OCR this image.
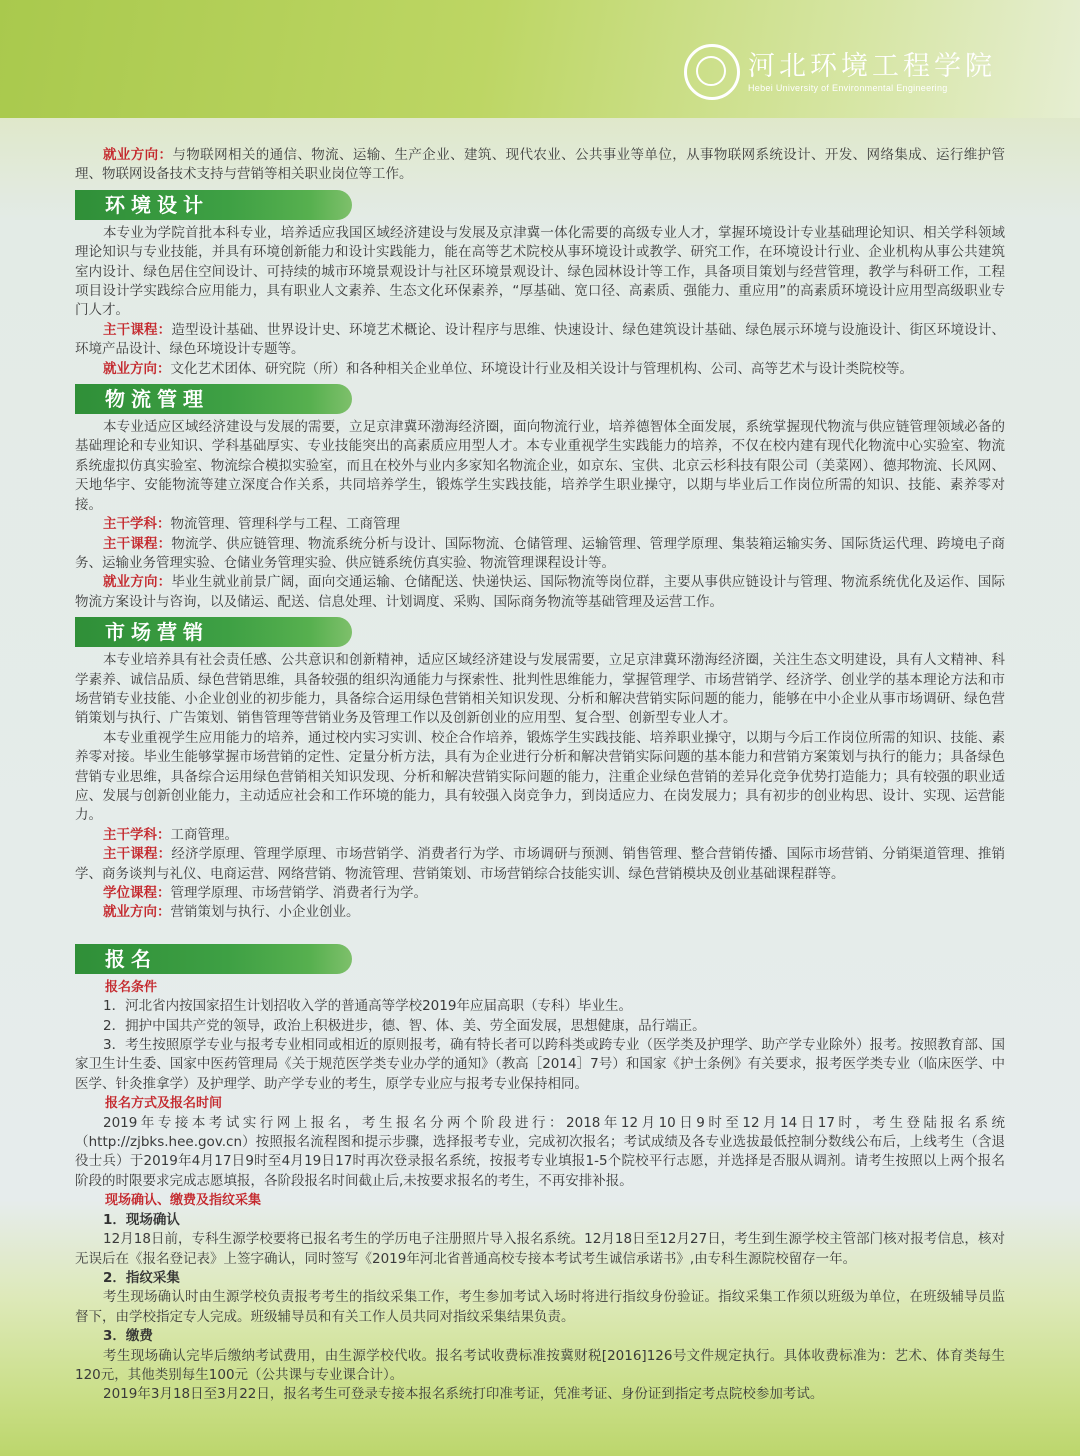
河北环境工程学院
Hebei University of Environmental Engineering

就业方向：与物联网相关的通信、物流、运输、生产企业、建筑、现代农业、公共事业等单位，从事物联网系统设计、开发、网络集成、运行维护管理、物联网设备技术支持与营销等相关职业岗位等工作。

环境设计

本专业为学院首批本科专业，培养适应我国区域经济建设与发展及京津冀一体化需要的高级专业人才，掌握环境设计专业基础理论知识、相关学科领域理论知识与专业技能，并具有环境创新能力和设计实践能力，能在高等艺术院校从事环境设计或教学、研究工作，在环境设计行业、企业机构从事公共建筑室内设计、绿色居住空间设计、可持续的城市环境景观设计与社区环境景观设计、绿色园林设计等工作，具备项目策划与经营管理，教学与科研工作，工程项目设计学实践综合应用能力，具有职业人文素养、生态文化环保素养，“厚基础、宽口径、高素质、强能力、重应用”的高素质环境设计应用型高级职业专门人才。

主干课程：造型设计基础、世界设计史、环境艺术概论、设计程序与思维、快速设计、绿色建筑设计基础、绿色展示环境与设施设计、街区环境设计、环境产品设计、绿色环境设计专题等。

就业方向：文化艺术团体、研究院（所）和各种相关企业单位、环境设计行业及相关设计与管理机构、公司、高等艺术与设计类院校等。

物流管理

本专业适应区域经济建设与发展的需要，立足京津冀环渤海经济圈，面向物流行业，培养德智体全面发展，系统掌握现代物流与供应链管理领域必备的基础理论和专业知识、学科基础厚实、专业技能突出的高素质应用型人才。本专业重视学生实践能力的培养，不仅在校内建有现代化物流中心实验室、物流系统虚拟仿真实验室、物流综合模拟实验室，而且在校外与业内多家知名物流企业，如京东、宝供、北京云杉科技有限公司（美菜网）、德邦物流、长风网、天地华宇、安能物流等建立深度合作关系，共同培养学生，锻炼学生实践技能，培养学生职业操守，以期与毕业后工作岗位所需的知识、技能、素养零对接。

主干学科：物流管理、管理科学与工程、工商管理

主干课程：物流学、供应链管理、物流系统分析与设计、国际物流、仓储管理、运输管理、管理学原理、集装箱运输实务、国际货运代理、跨境电子商务、运输业务管理实验、仓储业务管理实验、供应链系统仿真实验、物流管理课程设计等。

就业方向：毕业生就业前景广阔，面向交通运输、仓储配送、快递快运、国际物流等岗位群，主要从事供应链设计与管理、物流系统优化及运作、国际物流方案设计与咨询，以及储运、配送、信息处理、计划调度、采购、国际商务物流等基础管理及运营工作。

市场营销

本专业培养具有社会责任感、公共意识和创新精神，适应区域经济建设与发展需要，立足京津冀环渤海经济圈，关注生态文明建设，具有人文精神、科学素养、诚信品质、绿色营销思维，具备较强的组织沟通能力与探索性、批判性思维能力，掌握管理学、市场营销学、经济学、创业学的基本理论方法和市场营销专业技能、小企业创业的初步能力，具备综合运用绿色营销相关知识发现、分析和解决营销实际问题的能力，能够在中小企业从事市场调研、绿色营销策划与执行、广告策划、销售管理等营销业务及管理工作以及创新创业的应用型、复合型、创新型专业人才。

本专业重视学生应用能力的培养，通过校内实习实训、校企合作培养，锻炼学生实践技能、培养职业操守，以期与今后工作岗位所需的知识、技能、素养零对接。毕业生能够掌握市场营销的定性、定量分析方法，具有为企业进行分析和解决营销实际问题的基本能力和营销方案策划与执行的能力；具备绿色营销专业思维，具备综合运用绿色营销相关知识发现、分析和解决营销实际问题的能力，注重企业绿色营销的差异化竞争优势打造能力；具有较强的职业适应、发展与创新创业能力，主动适应社会和工作环境的能力，具有较强入岗竞争力，到岗适应力、在岗发展力；具有初步的创业构思、设计、实现、运营能力。

主干学科：工商管理。

主干课程：经济学原理、管理学原理、市场营销学、消费者行为学、市场调研与预测、销售管理、整合营销传播、国际市场营销、分销渠道管理、推销学、商务谈判与礼仪、电商运营、网络营销、物流管理、营销策划、市场营销综合技能实训、绿色营销模块及创业基础课程群等。

学位课程：管理学原理、市场营销学、消费者行为学。

就业方向：营销策划与执行、小企业创业。

报名
报名条件

1．河北省内按国家招生计划招收入学的普通高等学校2019年应届高职（专科）毕业生。

2．拥护中国共产党的领导，政治上积极进步，德、智、体、美、劳全面发展，思想健康，品行端正。

3．考生按照原学专业与报考专业相同或相近的原则报考，确有特长者可以跨科类或跨专业（医学类及护理学、助产学专业除外）报考。按照教育部、国家卫生计生委、国家中医药管理局《关于规范医学类专业办学的通知》（教高［2014］7号）和国家《护士条例》有关要求，报考医学类专业（临床医学、中医学、针灸推拿学）及护理学、助产学专业的考生，原学专业应与报考专业保持相同。

报名方式及报名时间

2019年专接本考试实行网上报名，考生报名分两个阶段进行：2018年12月10日9时至12月14日17时，考生登陆报名系统（http://zjbks.hee.gov.cn）按照报名流程图和提示步骤，选择报考专业，完成初次报名；考试成绩及各专业选拔最低控制分数线公布后，上线考生（含退役士兵）于2019年4月17日9时至4月19日17时再次登录报名系统，按报考专业填报1-5个院校平行志愿，并选择是否服从调剂。请考生按照以上两个报名阶段的时限要求完成志愿填报，各阶段报名时间截止后,未按要求报名的考生，不再安排补报。

现场确认、缴费及指纹采集
1．现场确认

12月18日前，专科生源学校要将已报名考生的学历电子注册照片导入报名系统。12月18日至12月27日，考生到生源学校主管部门核对报考信息，核对无误后在《报名登记表》上签字确认，同时签写《2019年河北省普通高校专接本考试考生诚信承诺书》,由专科生源院校留存一年。

2．指纹采集

考生现场确认时由生源学校负责报考考生的指纹采集工作，考生参加考试入场时将进行指纹身份验证。指纹采集工作须以班级为单位，在班级辅导员监督下，由学校指定专人完成。班级辅导员和有关工作人员共同对指纹采集结果负责。

3．缴费

考生现场确认完毕后缴纳考试费用，由生源学校代收。报名考试收费标准按冀财税[2016]126号文件规定执行。具体收费标准为：艺术、体育类每生120元，其他类别每生100元（公共课与专业课合计）。

2019年3月18日至3月22日，报名考生可登录专接本报名系统打印准考证，凭准考证、身份证到指定考点院校参加考试。
